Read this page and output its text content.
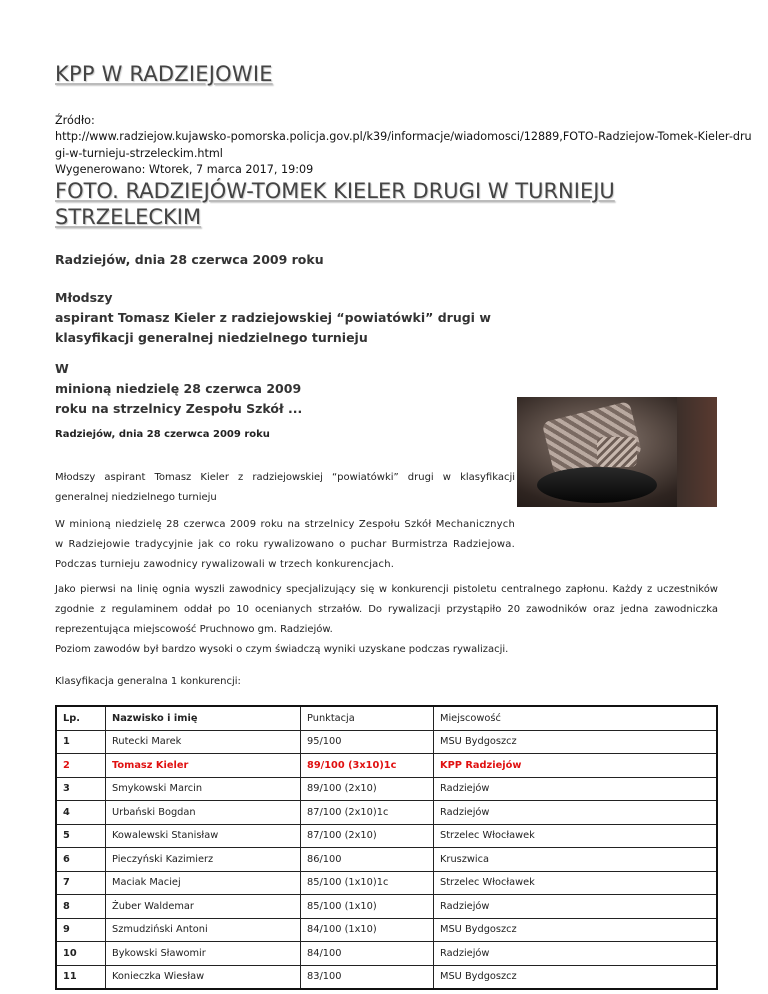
KPP W RADZIEJOWIE
Źródło:
http://www.radziejow.kujawsko-pomorska.policja.gov.pl/k39/informacje/wiadomosci/12889,FOTO-Radziejow-Tomek-Kieler-dru
gi-w-turnieju-strzeleckim.html
Wygenerowano: Wtorek, 7 marca 2017, 19:09
FOTO. RADZIEJÓW-TOMEK KIELER DRUGI W TURNIEJU STRZELECKIM
Radziejów, dnia 28 czerwca 2009 roku
Młodszy
aspirant Tomasz Kieler z radziejowskiej “powiatówki” drugi w
klasyfikacji generalnej niedzielnego turnieju
W
minioną niedzielę 28 czerwca 2009
roku na strzelnicy Zespołu Szkół ...
Radziejów, dnia 28 czerwca 2009 roku
Młodszy aspirant Tomasz Kieler z radziejowskiej “powiatówki” drugi w klasyfikacji generalnej niedzielnego turnieju
W minioną niedzielę 28 czerwca 2009 roku na strzelnicy Zespołu Szkół Mechanicznych w Radziejowie tradycyjnie jak co roku rywalizowano o puchar Burmistrza Radziejowa. Podczas turnieju zawodnicy rywalizowali w trzech konkurencjach.
Jako pierwsi na linię ognia wyszli zawodnicy specjalizujący się w konkurencji pistoletu centralnego zapłonu. Każdy z uczestników zgodnie z regulaminem oddał po 10 ocenianych strzałów. Do rywalizacji przystąpiło 20 zawodników oraz jedna zawodniczka reprezentująca miejscowość Pruchnowo gm. Radziejów.
Poziom zawodów był bardzo wysoki o czym świadczą wyniki uzyskane podczas rywalizacji.
Klasyfikacja generalna 1 konkurencji:
Lp.	Nazwisko i imię	Punktacja	Miejscowość
1	Rutecki Marek	95/100	MSU Bydgoszcz
2	Tomasz Kieler	89/100 (3x10)1c	KPP Radziejów
3	Smykowski Marcin	89/100 (2x10)	Radziejów
4	Urbański Bogdan	87/100 (2x10)1c	Radziejów
5	Kowalewski Stanisław	87/100 (2x10)	Strzelec Włocławek
6	Pieczyński Kazimierz	86/100	Kruszwica
7	Maciak Maciej	85/100 (1x10)1c	Strzelec Włocławek
8	Żuber Waldemar	85/100 (1x10)	Radziejów
9	Szmudziński Antoni	84/100 (1x10)	MSU Bydgoszcz
10	Bykowski Sławomir	84/100	Radziejów
11	Konieczka Wiesław	83/100	MSU Bydgoszcz
